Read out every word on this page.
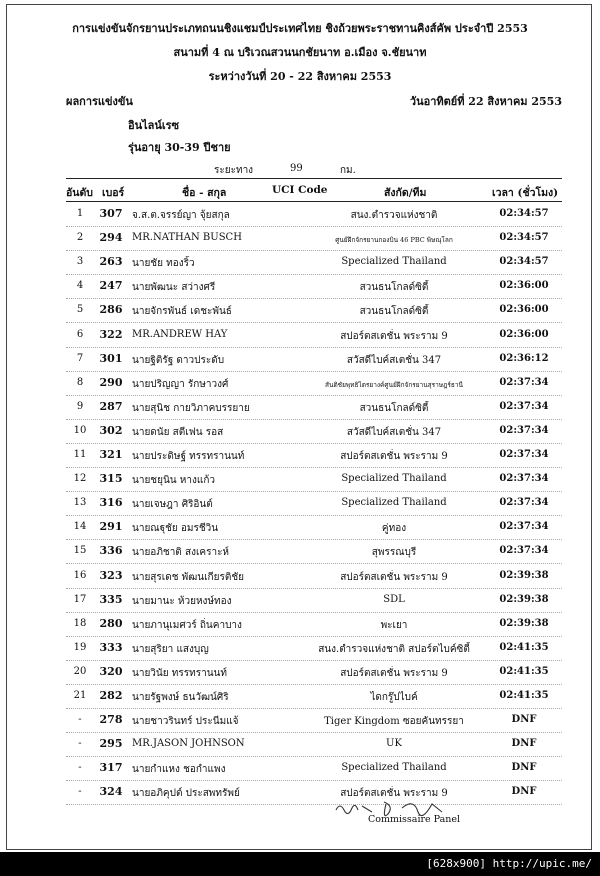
การแข่งขันจักรยานประเภทถนนชิงแชมป์ประเทศไทย ชิงถ้วยพระราชทานคิงส์คัพ ประจำปี 2553
สนามที่ 4 ณ บริเวณสวนนกชัยนาท อ.เมือง จ.ชัยนาท
ระหว่างวันที่ 20 - 22 สิงหาคม 2553
ผลการแข่งขัน	วันอาทิตย์ที่ 22 สิงหาคม 2553
อินไลน์เรซ
รุ่นอายุ 30-39 ปีชาย
ระยะทาง	99	กม.
อันดับ เบอร์	ชื่อ - สกุล	UCI Code	สังกัด/ทีม	เวลา (ชั่วโมง)
1	307 จ.ส.ต.จรรย์ญา จุ้ยสกุล	สนง.ตำรวจแห่งชาติ	02:34:57
2	294 MR.NATHAN BUSCH	ศูนย์ฝึกจักรยานกองบิน 46 PBC พิษณุโลก	02:34:57
3	263 นายชัย ทองริ้ว	Specialized Thailand	02:34:57
4	247 นายพัฒนะ สว่างศรี	สวนธนโกลด์ซิตี้	02:36:00
5	286 นายจักรพันธ์ เดชะพันธ์	สวนธนโกลด์ซิตี้	02:36:00
6	322 MR.ANDREW HAY	สปอร์ตสเตชั่น พระราม 9	02:36:00
7	301 นายฐิติรัฐ ดาวประดับ	สวัสดีไบค์สเตชั่น 347	02:36:12
8	290 นายปริญญา รักษาวงศ์	สันติชัยพุทธิไตรยางค์ศูนย์ฝึกจักรยานสุราษฎร์ธานี	02:37:34
9	287 นายสุนิช กายวิภาคบรรยาย	สวนธนโกลด์ซิตี้	02:37:34
10	302 นายดนัย สตีเฟน รอส	สวัสดีไบค์สเตชั่น 347	02:37:34
11	321 นายประดิษฐ์ ทรรทรานนท์	สปอร์ตสเตชั่น พระราม 9	02:37:34
12	315 นายชยุนิน หางแก้ว	Specialized Thailand	02:37:34
13	316 นายเจษฎา ศิริอินต์	Specialized Thailand	02:37:34
14	291 นายณฐุชัย อมรชีวิน	คู่ทอง	02:37:34
15	336 นายอภิชาติ สงเคราะห์	สุพรรณบุรี	02:37:34
16	323 นายสุรเดช พัฒนเกียรติชัย	สปอร์ตสเตชั่น พระราม 9	02:39:38
17	335 นายมานะ ห้วยหงษ์ทอง	SDL	02:39:38
18	280 นายภานุเมศวร์ ถิ่นคาบาง	พะเยา	02:39:38
19	333 นายสุริยา แสงบุญ	สนง.ตำรวจแห่งชาติ สปอร์ตไบค์ซิตี้	02:41:35
20	320 นายวินัย ทรรทรานนท์	สปอร์ตสเตชั่น พระราม 9	02:41:35
21	282 นายรัฐพงษ์ ธนวัฒน์ศิริ	ไดกรู๊ปไบค์	02:41:35
-	278 นายชาวรินทร์ ประนีมแจ้	Tiger Kingdom ซอยคันทรรยา	DNF
-	295 MR.JASON JOHNSON	UK	DNF
-	317 นายกำแหง ชอกำแพง	Specialized Thailand	DNF
-	324 นายอภิคุปต์ ประสพทรัพย์	สปอร์ตสเตชั่น พระราม 9	DNF
Commissaire Panel
[628x900] http://upic.me/
